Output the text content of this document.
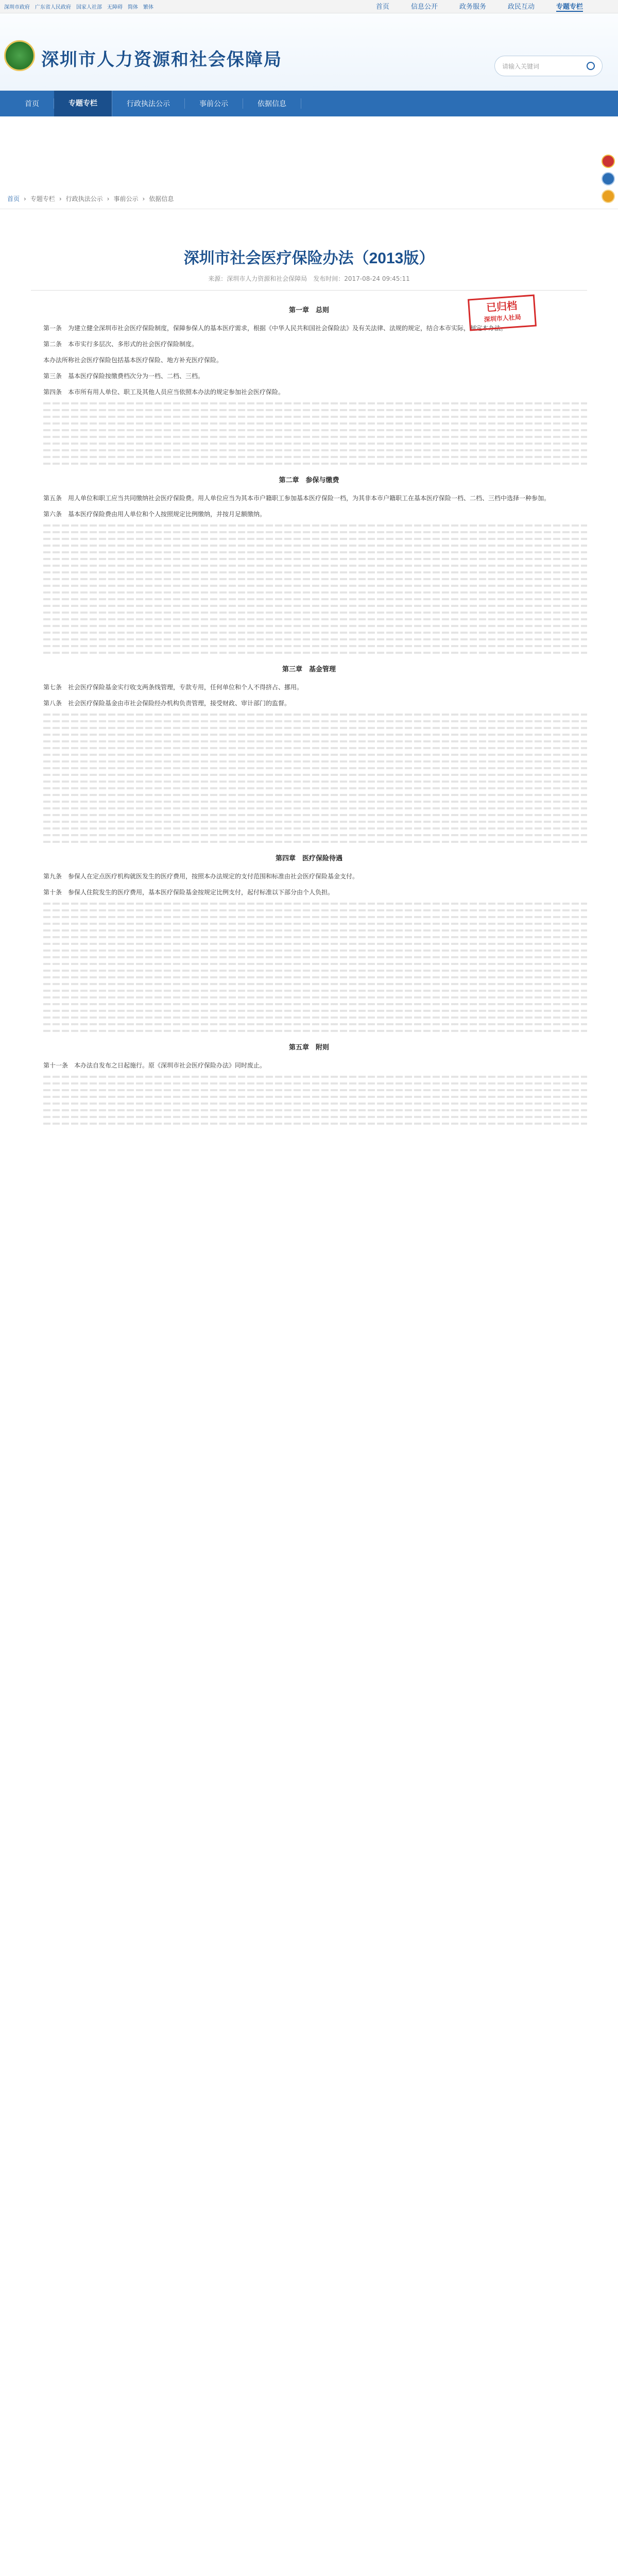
深圳市政府 广东省人民政府 国家人社部 无障碍 简体 繁体	首页	信息公开	政务服务	政民互动	专题专栏
深圳市人力资源和社会保障局	请输入关键词
首页	专题专栏	行政执法公示	事前公示	依据信息
首页 › 专题专栏 › 行政执法公示 › 事前公示 › 依据信息
深圳市社会医疗保险办法（2013版）
来源：深圳市人力资源和社会保障局　发布时间：2017-08-24 09:45:11
已归档
深圳市人社局
第一章　总则

第一条　为建立健全深圳市社会医疗保险制度，保障参保人的基本医疗需求，根据《中华人民共和国社会保险法》及有关法律、法规的规定，结合本市实际，制定本办法。

第二条　本市实行多层次、多形式的社会医疗保险制度。

本办法所称社会医疗保险包括基本医疗保险、地方补充医疗保险。

第三条　基本医疗保险按缴费档次分为一档、二档、三档。

第四条　本市所有用人单位、职工及其他人员应当依照本办法的规定参加社会医疗保险。

第二章　参保与缴费

第五条　用人单位和职工应当共同缴纳社会医疗保险费。用人单位应当为其本市户籍职工参加基本医疗保险一档，为其非本市户籍职工在基本医疗保险一档、二档、三档中选择一种参加。

第六条　基本医疗保险费由用人单位和个人按照规定比例缴纳，并按月足额缴纳。

第三章　基金管理

第七条　社会医疗保险基金实行收支两条线管理，专款专用，任何单位和个人不得挤占、挪用。

第八条　社会医疗保险基金由市社会保险经办机构负责管理，接受财政、审计部门的监督。

第四章　医疗保险待遇

第九条　参保人在定点医疗机构就医发生的医疗费用，按照本办法规定的支付范围和标准由社会医疗保险基金支付。

第十条　参保人住院发生的医疗费用，基本医疗保险基金按规定比例支付，起付标准以下部分由个人负担。

第五章　附则

第十一条　本办法自发布之日起施行。原《深圳市社会医疗保险办法》同时废止。
